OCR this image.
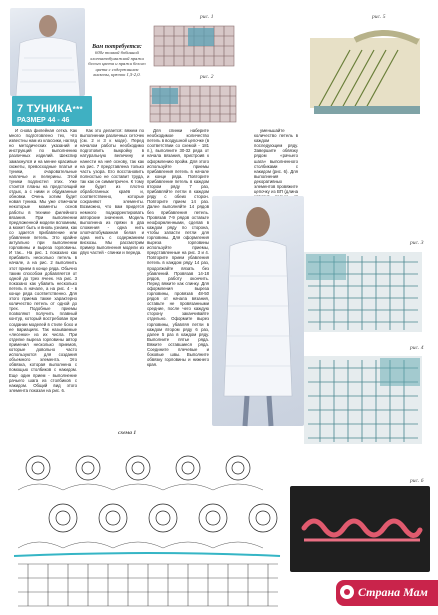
Вам потребуется:
600г тонкой бобинной хлопчатобумажной пряжи белого цвета и пряжи белого цвета с содержанием вискозы, крючок 1,5-2,0.
7 ТУНИКА***
РАЗМЕР 44 - 46
рис. 1
рис. 2
рис. 5

И снова филейная сетка. Как много подготовлено тех, что известны нам из классики, нагляд но методических указаний и инструкций по выполнению различных изделий. Шекспир замахнулся и на менее красивые сюжеты, превосходные платья и туники, очаровательные наплечье и пелерины. Этой туники подлистел этих. Уже стоится планы на предстоящий отдых, а с ними и обдуманные обновки. Очень хотим будет новая туника. Мы уже отмечали некоторые моменты основ работы в технике филейного вязания. При выполнении предложенной модели вспомним, а может быть и вновь узнаем, как со здается прибавление или убавление петель. Это крайне актуально при выполнении горловины и выреза горловины. И так... На рис. 1 показано как прибавить несколько петель в начале, а на рис. 2 выполнить этот прием в конце ряда. Обычно таким способом добавляется от одной до трех ячеек. На рис. 3 показано как убавить несколько петель в начале, а на рис. 4 - в конце ряда соответственно. Для этого приема также характерно количество петель от одной до трех. Подобные приемы позволяют получить плавный контур, который востребован при создании моделей в стиле бохо и ее вариациях. Так называемые «лесенки» из их числа. При отделке выреза горловины автор применил несколько приемов, которые довольно часто используются для создания объемного элемента. Это обвязка, которая выполнена с помощью столбиков с накидом. Еще один прием - выполнение рачьего шага из столбиков с накидом. Общий вид этого элемента показан на рис. 6.

Как это делается: вяжем по выполнении различных сеточек (см. 2 и 3 к моде). Перед началом работы необходимо подготовить выкройку в натуральную величину и нанести на неё основу, так как на рис. 7 представлена только часть узора. Его восстановить полностью не составит труда, так как он симметричен. К тому же будет из плотно обработанных краёв и, соответственно, которые сохраняют элементы. Возможно, что вам придется немного подкорректировать авторские значения. Модель выполнена из пряжи в два сложения - одна нить хлопчатобумажная белая и одна нить с содержанием вискозы. Мы рассмотрим пример выполнения модели из двух частей - спинки и переда.

Для спинки наберите необходимое количество петель в воздушной цепочке (в соответствии со схемой - 181 п.), выполните 30-32 ряда от начала вязания, пристроив к оформлению пройм. Для этого используйте приемы прибавления петель в начале и конце ряда. Повторите прибавление петель в каждом втором ряду 7 раз, прибавляйте петли в каждом ряду с обеих сторон. Повторите прием 14 раз. Далее выполняйте 14 рядов без прибавления петель. Провязав 7-9 рядов оставьте неоформленными, сделав в каждом ряду по сторона, чтобы запасти петли для горловины. Для оформления выреза горловины используйте приемы, представленные на рис. 3 и 4. Повторите прием убавления петель в каждом ряду 14 раз, продолжайте вязать без убавлений. Провязав 14-18 рядов, работу окончить. Перед вяжите как спинку. Для оформления выреза горловины, провязав 48-50 рядов от начала вязания, оставьте не провязанными средние, после чего каждую сторону заканчивайте отдельно. Оформите вырез горловины, убавляя петли в каждом втором ряду 6 раз, далее 5 раз в каждом ряду. Выполните пятье ряда. Вяжите оставшиеся ряда. Соедините плечевые и боковые швы. Выполните обвязку горловины и нижнего края.

уменьшайте количество петель в каждом последующем ряду. Завершите обвязку рядом «рачьего шага» выполненного столбиками с накидом (рис. 6). Для выполнения декоративных элементов провяжите цепочку из ВП (длина

рис. 3
рис. 4
схема 1
рис. 6
Страна Мам
